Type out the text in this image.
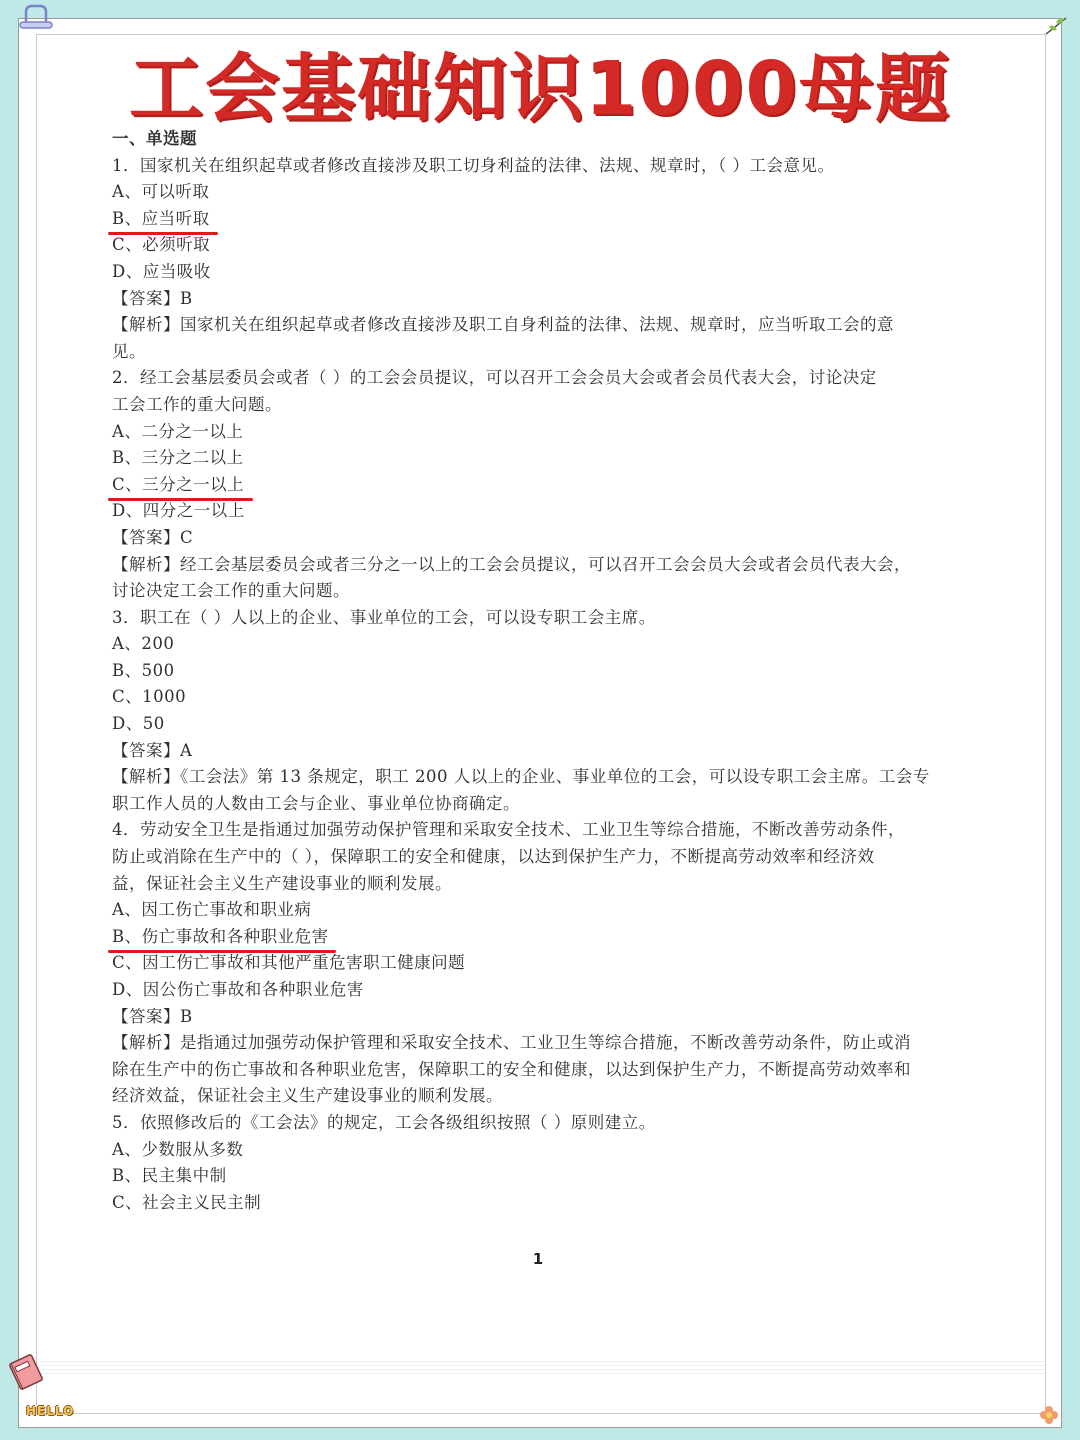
工会基础知识1000母题
一、单选题
1．国家机关在组织起草或者修改直接涉及职工切身利益的法律、法规、规章时，（ ）工会意见。
A、可以听取
B、应当听取
C、必须听取
D、应当吸收
【答案】B
【解析】国家机关在组织起草或者修改直接涉及职工自身利益的法律、法规、规章时，应当听取工会的意
见。
2．经工会基层委员会或者（ ）的工会会员提议，可以召开工会会员大会或者会员代表大会，讨论决定
工会工作的重大问题。
A、二分之一以上
B、三分之二以上
C、三分之一以上
D、四分之一以上
【答案】C
【解析】经工会基层委员会或者三分之一以上的工会会员提议，可以召开工会会员大会或者会员代表大会，
讨论决定工会工作的重大问题。
3．职工在（ ）人以上的企业、事业单位的工会，可以设专职工会主席。
A、200
B、500
C、1000
D、50
【答案】A
【解析】《工会法》第 13 条规定，职工 200 人以上的企业、事业单位的工会，可以设专职工会主席。工会专
职工作人员的人数由工会与企业、事业单位协商确定。
4．劳动安全卫生是指通过加强劳动保护管理和采取安全技术、工业卫生等综合措施，不断改善劳动条件，
防止或消除在生产中的（ ），保障职工的安全和健康，以达到保护生产力，不断提高劳动效率和经济效
益，保证社会主义生产建设事业的顺利发展。
A、因工伤亡事故和职业病
B、伤亡事故和各种职业危害
C、因工伤亡事故和其他严重危害职工健康问题
D、因公伤亡事故和各种职业危害
【答案】B
【解析】是指通过加强劳动保护管理和采取安全技术、工业卫生等综合措施，不断改善劳动条件，防止或消
除在生产中的伤亡事故和各种职业危害，保障职工的安全和健康，以达到保护生产力，不断提高劳动效率和
经济效益，保证社会主义生产建设事业的顺利发展。
5．依照修改后的《工会法》的规定，工会各级组织按照（ ）原则建立。
A、少数服从多数
B、民主集中制
C、社会主义民主制
1
HELLO
